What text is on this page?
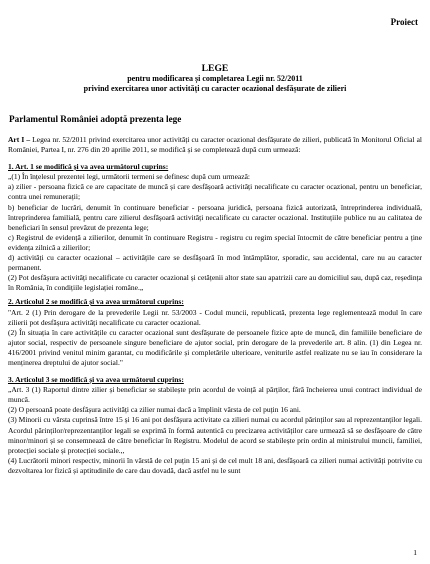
Proiect
LEGE
pentru modificarea și completarea Legii nr. 52/2011
privind exercitarea unor activități cu caracter ocazional desfășurate de zilieri
Parlamentul României adoptă prezenta lege

Art I – Legea nr. 52/2011 privind exercitarea unor activități cu caracter ocazional desfășurate de zilieri, publicată în Monitorul Oficial al României, Partea I, nr. 276 din 20 aprilie 2011, se modifică și se completează după cum urmează:

1. Art. 1 se modifică și va avea următorul cuprins:

„(1) În înțelesul prezentei legi, următorii termeni se definesc după cum urmează:

a) zilier - persoana fizică ce are capacitate de muncă și care desfășoară activități necalificate cu caracter ocazional, pentru un beneficiar, contra unei remunerații;

b) beneficiar de lucrări, denumit în continuare beneficiar - persoana juridică, persoana fizică autorizată, întreprinderea individuală, întreprinderea familială, pentru care zilierul desfășoară activități necalificate cu caracter ocazional. Instituțiile publice nu au calitatea de beneficiari în sensul prevăzut de prezenta lege;

c) Registrul de evidență a zilierilor, denumit în continuare Registru - registru cu regim special întocmit de către beneficiar pentru a ține evidența zilnică a zilierilor;

d) activități cu caracter ocazional – activitățile care se desfășoară în mod întâmplător, sporadic, sau accidental, care nu au caracter permanent.

(2) Pot desfășura activități necalificate cu caracter ocazional și cetățenii altor state sau apatrizii care au domiciliul sau, după caz, reședința în România, în condițiile legislației române.„

2. Articolul 2 se modifică și va avea următorul cuprins:

"Art. 2 (1) Prin derogare de la prevederile Legii nr. 53/2003 - Codul muncii, republicată, prezenta lege reglementează modul în care zilierii pot desfășura activități necalificate cu caracter ocazional.

(2) În situația în care activitățile cu caracter ocazional sunt desfășurate de persoanele fizice apte de muncă, din familiile beneficiare de ajutor social, respectiv de persoanele singure beneficiare de ajutor social, prin derogare de la prevederile art. 8 alin. (1) din Legea nr. 416/2001 privind venitul minim garantat, cu modificările și completările ulterioare, veniturile astfel realizate nu se iau în considerare la menținerea dreptului de ajutor social."

3. Articolul 3 se modifică și va avea următorul cuprins:

„Art. 3 (1) Raportul dintre zilier și beneficiar se stabilește prin acordul de voință al părților, fără încheierea unui contract individual de muncă.

(2) O persoană poate desfășura activități ca zilier numai dacă a împlinit vârsta de cel puțin 16 ani.

(3) Minorii cu vârsta cuprinsă între 15 și 16 ani pot desfășura activitate ca zilieri numai cu acordul părinților sau al reprezentanților legali. Acordul părinților/reprezentanților legali se exprimă în formă autentică cu precizarea activităților care urmează să se desfășoare de către minor/minori și se consemnează de către beneficiar în Registru. Modelul de acord se stabilește prin ordin al ministrului muncii, familiei, protecției sociale și protecției sociale.,,

(4) Lucrătorii minori respectiv, minorii în vârstă de cel puțin 15 ani și de cel mult 18 ani, desfășoară ca zilieri numai activități potrivite cu dezvoltarea lor fizică și aptitudinile de care dau dovadă, dacă astfel nu le sunt

1
